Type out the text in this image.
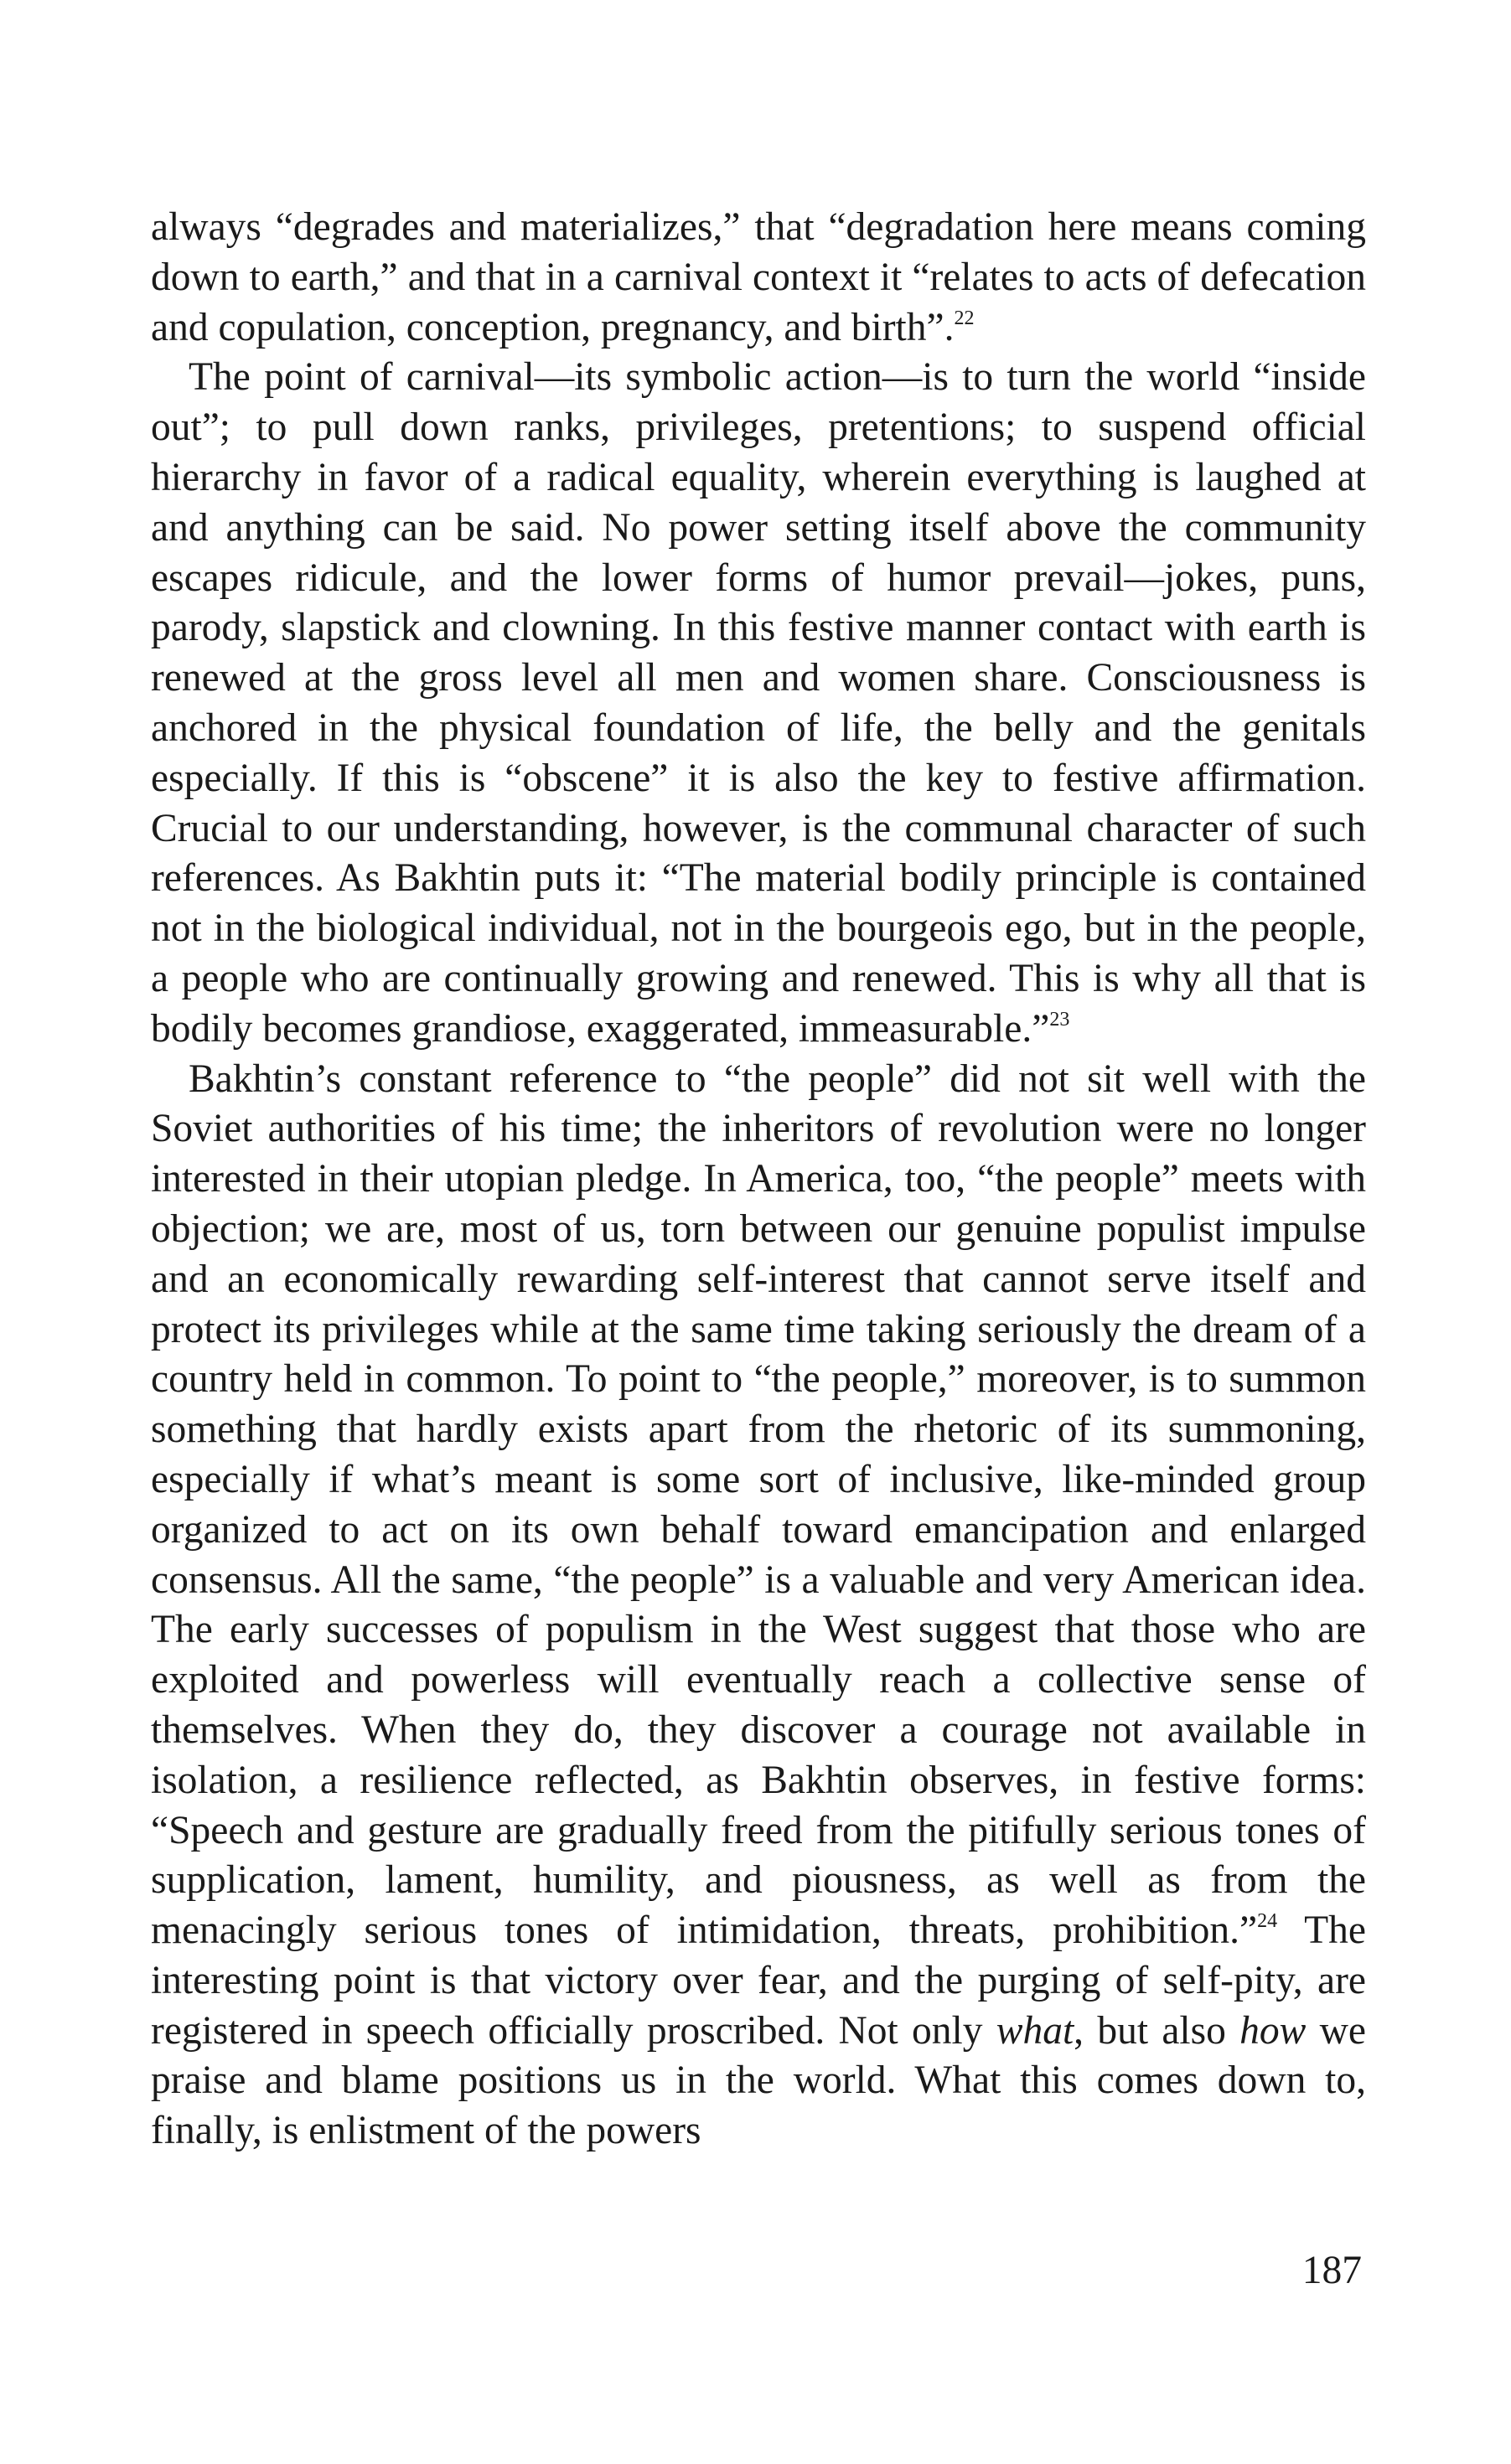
always “degrades and materializes,” that “degradation here means coming down to earth,” and that in a carnival context it “relates to acts of defecation and copulation, conception, pregnancy, and birth”.$^{22}$

The point of carnival—its symbolic action—is to turn the world “inside out”; to pull down ranks, privileges, pretentions; to suspend official hierarchy in favor of a radical equality, wherein everything is laughed at and anything can be said. No power setting itself above the community escapes ridicule, and the lower forms of humor prevail—jokes, puns, parody, slapstick and clowning. In this festive manner contact with earth is renewed at the gross level all men and women share. Consciousness is anchored in the physical foundation of life, the belly and the genitals especially. If this is “obscene” it is also the key to festive affirmation. Crucial to our understanding, however, is the communal character of such references. As Bakhtin puts it: “The material bodily principle is contained not in the biological individual, not in the bourgeois ego, but in the people, a people who are continually growing and renewed. This is why all that is bodily becomes grandiose, exaggerated, immeasurable.”$^{23}$

Bakhtin’s constant reference to “the people” did not sit well with the Soviet authorities of his time; the inheritors of revolution were no longer interested in their utopian pledge. In America, too, “the people” meets with objection; we are, most of us, torn between our genuine populist impulse and an economically rewarding self-interest that cannot serve itself and protect its privileges while at the same time taking seriously the dream of a country held in common. To point to “the people,” moreover, is to summon something that hardly exists apart from the rhetoric of its summoning, especially if what’s meant is some sort of inclusive, like-minded group organized to act on its own behalf toward emancipation and enlarged consensus. All the same, “the people” is a valuable and very American idea. The early successes of populism in the West suggest that those who are exploited and powerless will eventually reach a collective sense of themselves. When they do, they discover a courage not available in isolation, a resilience reflected, as Bakhtin observes, in festive forms: “Speech and gesture are gradually freed from the pitifully serious tones of supplication, lament, humility, and piousness, as well as from the menacingly serious tones of intimidation, threats, prohibition.”$^{24}$ The interesting point is that victory over fear, and the purging of self-pity, are registered in speech officially proscribed. Not only what, but also how we praise and blame positions us in the world. What this comes down to, finally, is enlistment of the powers

187
